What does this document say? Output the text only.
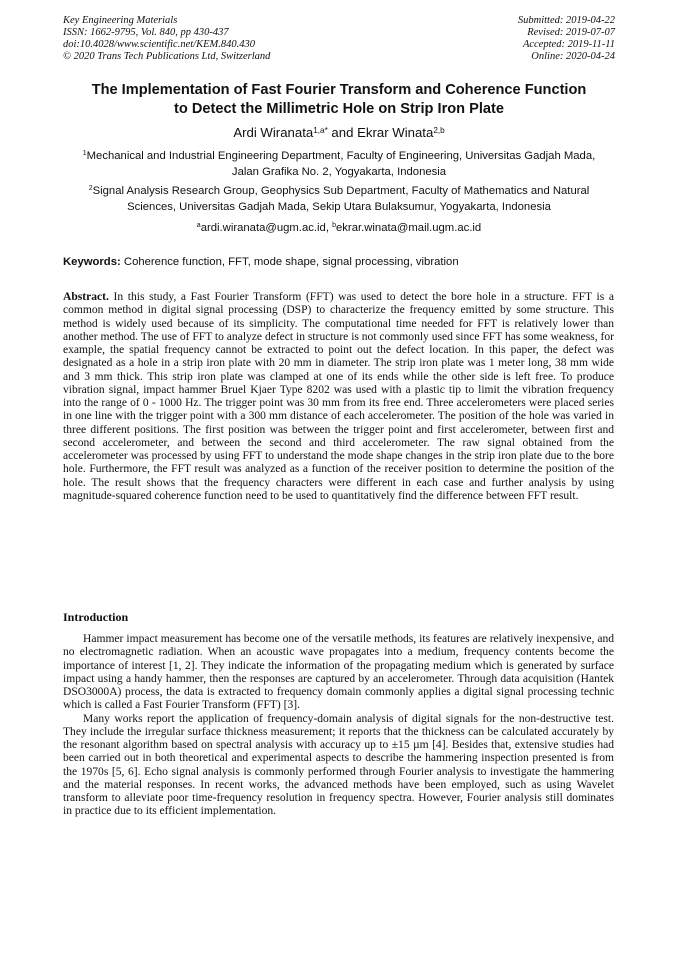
Key Engineering Materials
ISSN: 1662-9795, Vol. 840, pp 430-437
doi:10.4028/www.scientific.net/KEM.840.430
© 2020 Trans Tech Publications Ltd, Switzerland
Submitted: 2019-04-22
Revised: 2019-07-07
Accepted: 2019-11-11
Online: 2020-04-24
The Implementation of Fast Fourier Transform and Coherence Function
to Detect the Millimetric Hole on Strip Iron Plate
Ardi Wiranata$^{1,a*}$ and Ekrar Winata$^{2,b}$
$^1$Mechanical and Industrial Engineering Department, Faculty of Engineering, Universitas Gadjah Mada, Jalan Grafika No. 2, Yogyakarta, Indonesia
$^2$Signal Analysis Research Group, Geophysics Sub Department, Faculty of Mathematics and Natural Sciences, Universitas Gadjah Mada, Sekip Utara Bulaksumur, Yogyakarta, Indonesia
$^a$ardi.wiranata@ugm.ac.id, $^b$ekrar.winata@mail.ugm.ac.id
Keywords: Coherence function, FFT, mode shape, signal processing, vibration
Abstract. In this study, a Fast Fourier Transform (FFT) was used to detect the bore hole in a structure. FFT is a common method in digital signal processing (DSP) to characterize the frequency emitted by some structure. This method is widely used because of its simplicity. The computational time needed for FFT is relatively lower than another method. The use of FFT to analyze defect in structure is not commonly used since FFT has some weakness, for example, the spatial frequency cannot be extracted to point out the defect location. In this paper, the defect was designated as a hole in a strip iron plate with 20 mm in diameter. The strip iron plate was 1 meter long, 38 mm wide and 3 mm thick. This strip iron plate was clamped at one of its ends while the other side is left free. To produce vibration signal, impact hammer Bruel Kjaer Type 8202 was used with a plastic tip to limit the vibration frequency into the range of 0 - 1000 Hz. The trigger point was 30 mm from its free end. Three accelerometers were placed series in one line with the trigger point with a 300 mm distance of each accelerometer. The position of the hole was varied in three different positions. The first position was between the trigger point and first accelerometer, between first and second accelerometer, and between the second and third accelerometer. The raw signal obtained from the accelerometer was processed by using FFT to understand the mode shape changes in the strip iron plate due to the bore hole. Furthermore, the FFT result was analyzed as a function of the receiver position to determine the position of the hole. The result shows that the frequency characters were different in each case and further analysis by using magnitude-squared coherence function need to be used to quantitatively find the difference between FFT result.
Introduction

Hammer impact measurement has become one of the versatile methods, its features are relatively inexpensive, and no electromagnetic radiation. When an acoustic wave propagates into a medium, frequency contents become the importance of interest [1, 2]. They indicate the information of the propagating medium which is generated by surface impact using a handy hammer, then the responses are captured by an accelerometer. Through data acquisition (Hantek DSO3000A) process, the data is extracted to frequency domain commonly applies a digital signal processing technic which is called a Fast Fourier Transform (FFT) [3].

Many works report the application of frequency-domain analysis of digital signals for the non-destructive test. They include the irregular surface thickness measurement; it reports that the thickness can be calculated accurately by the resonant algorithm based on spectral analysis with accuracy up to ±15 µm [4]. Besides that, extensive studies had been carried out in both theoretical and experimental aspects to describe the hammering inspection presented is from the 1970s [5, 6]. Echo signal analysis is commonly performed through Fourier analysis to investigate the hammering and the material responses. In recent works, the advanced methods have been employed, such as using Wavelet transform to alleviate poor time-frequency resolution in frequency spectra. However, Fourier analysis still dominates in practice due to its efficient implementation.
